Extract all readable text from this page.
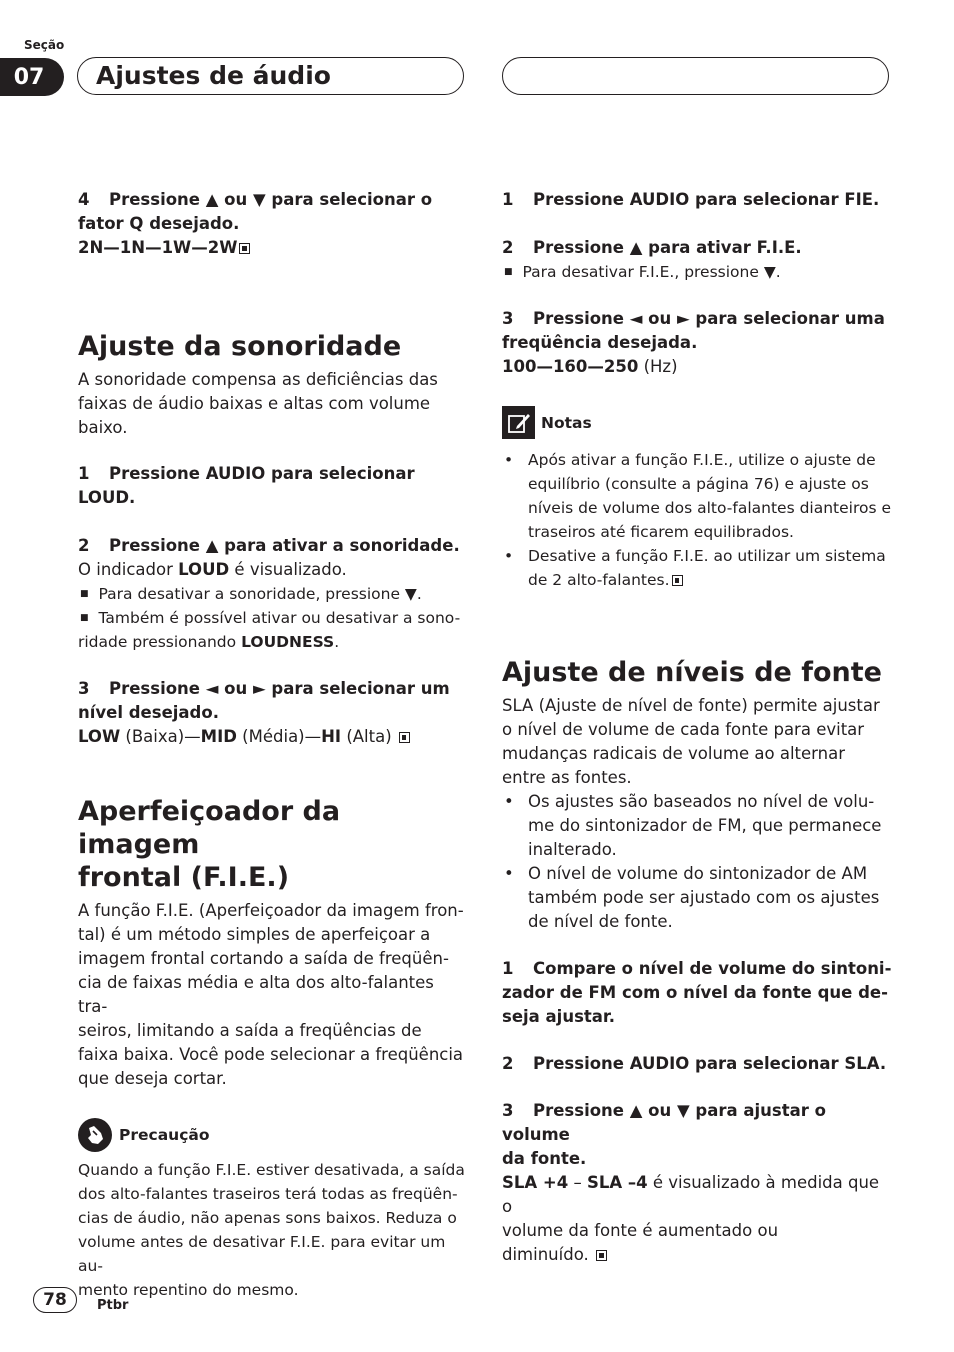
Seção
07	Ajustes de áudio
4 Pressione ▲ ou ▼ para selecionar o
fator Q desejado.
2N—1N—1W—2W
Ajuste da sonoridade
A sonoridade compensa as deficiências das
faixas de áudio baixas e altas com volume
baixo.
1 Pressione AUDIO para selecionar LOUD.
2 Pressione ▲ para ativar a sonoridade.
O indicador LOUD é visualizado.
■ Para desativar a sonoridade, pressione ▼.
■ Também é possível ativar ou desativar a sono-
ridade pressionando LOUDNESS.
3 Pressione ◄ ou ► para selecionar um
nível desejado.
LOW (Baixa)—MID (Média)—HI (Alta)
Aperfeiçoador da imagem
frontal (F.I.E.)
A função F.I.E. (Aperfeiçoador da imagem fron-
tal) é um método simples de aperfeiçoar a
imagem frontal cortando a saída de freqüên-
cia de faixas média e alta dos alto-falantes tra-
seiros, limitando a saída a freqüências de
faixa baixa. Você pode selecionar a freqüência
que deseja cortar.
Precaução
Quando a função F.I.E. estiver desativada, a saída
dos alto-falantes traseiros terá todas as freqüên-
cias de áudio, não apenas sons baixos. Reduza o
volume antes de desativar F.I.E. para evitar um au-
mento repentino do mesmo.
1 Pressione AUDIO para selecionar FIE.
2 Pressione ▲ para ativar F.I.E.
■ Para desativar F.I.E., pressione ▼.
3 Pressione ◄ ou ► para selecionar uma
freqüência desejada.
100—160—250 (Hz)
Notas
• Após ativar a função F.I.E., utilize o ajuste de
equilíbrio (consulte a página 76) e ajuste os
níveis de volume dos alto-falantes dianteiros e
traseiros até ficarem equilibrados.
• Desative a função F.I.E. ao utilizar um sistema
de 2 alto-falantes.
Ajuste de níveis de fonte
SLA (Ajuste de nível de fonte) permite ajustar
o nível de volume de cada fonte para evitar
mudanças radicais de volume ao alternar
entre as fontes.
• Os ajustes são baseados no nível de volu-
me do sintonizador de FM, que permanece
inalterado.
• O nível de volume do sintonizador de AM
também pode ser ajustado com os ajustes
de nível de fonte.
1 Compare o nível de volume do sintoni-
zador de FM com o nível da fonte que de-
seja ajustar.
2 Pressione AUDIO para selecionar SLA.
3 Pressione ▲ ou ▼ para ajustar o volume
da fonte.
SLA +4 – SLA –4 é visualizado à medida que o
volume da fonte é aumentado ou
diminuído.
78	Ptbr
